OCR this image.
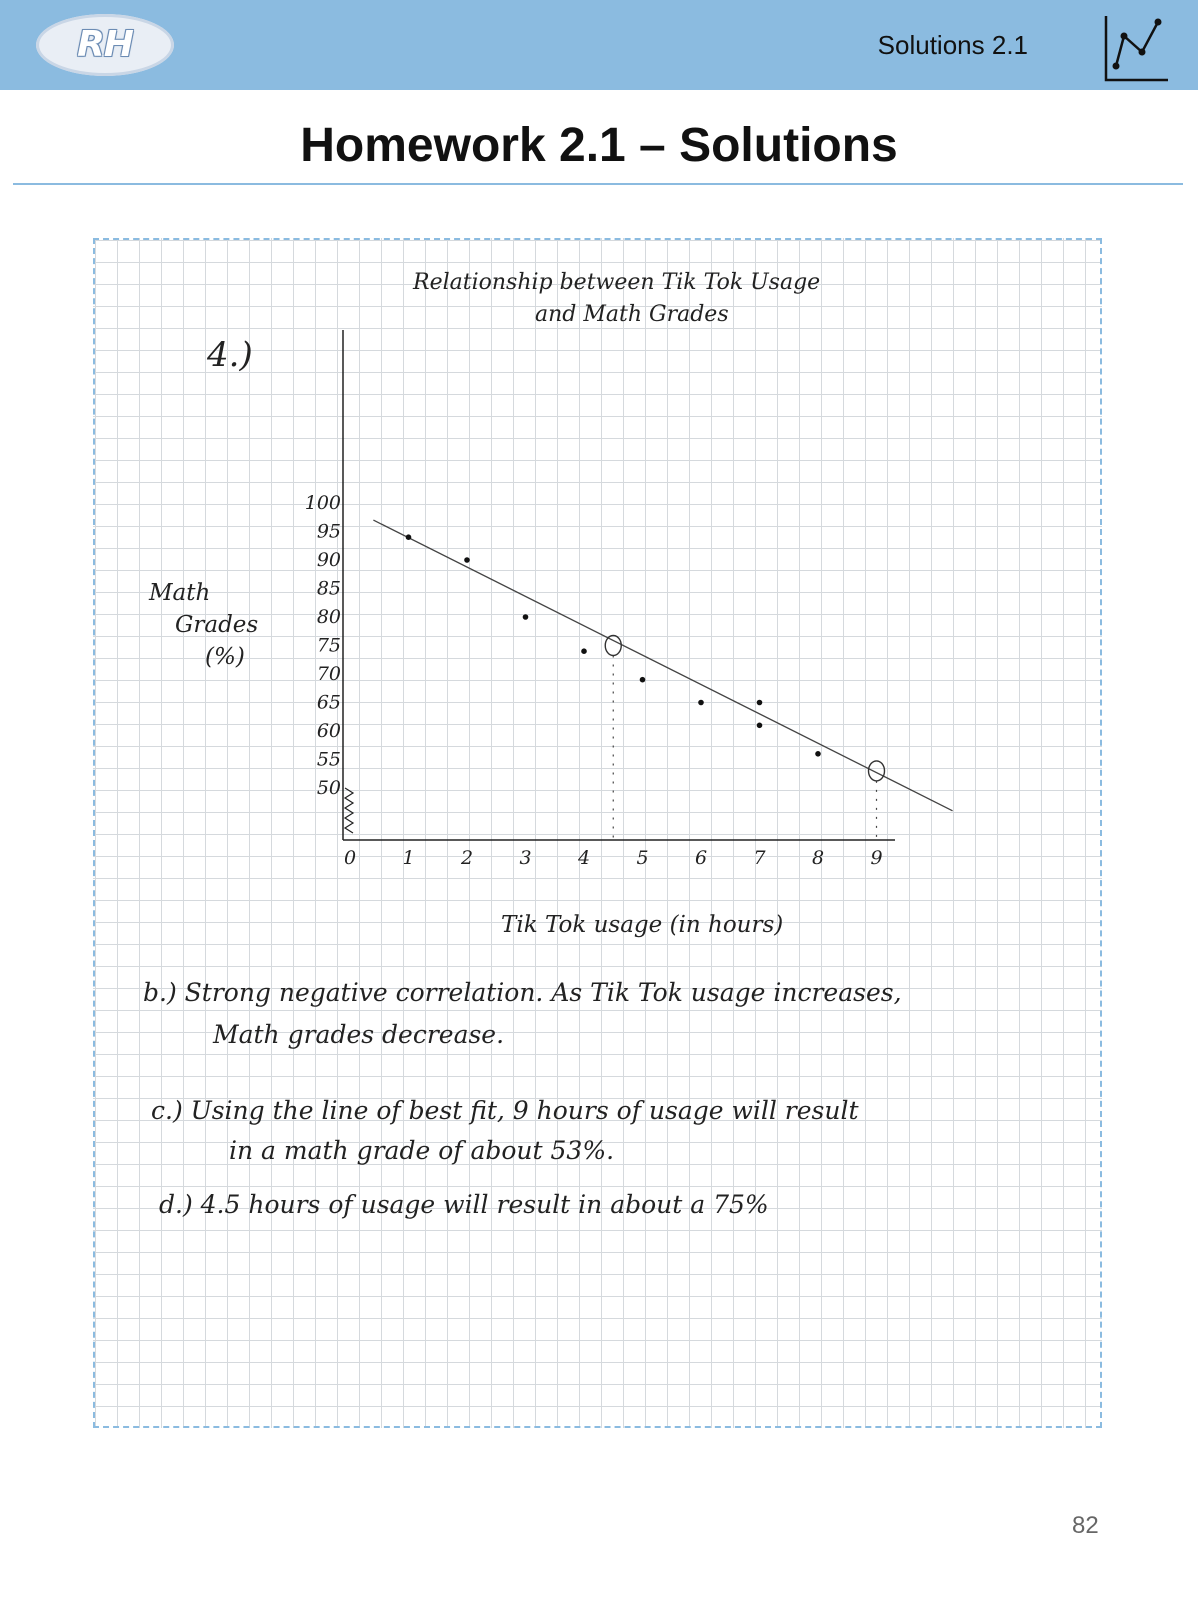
RH	Solutions 2.1
Homework 2.1 – Solutions
Relationship between Tik Tok Usage
and Math Grades
4.)
Math
Grades
(%)
100
95
90
85
80
75
70
65
60
55
50
0 1 2 3 4 5 6 7 8 9
Tik Tok usage (in hours)
b.) Strong negative correlation. As Tik Tok usage increases,
Math grades decrease.
c.) Using the line of best fit, 9 hours of usage will result
in a math grade of about 53%.
d.) 4.5 hours of usage will result in about a 75%
82
